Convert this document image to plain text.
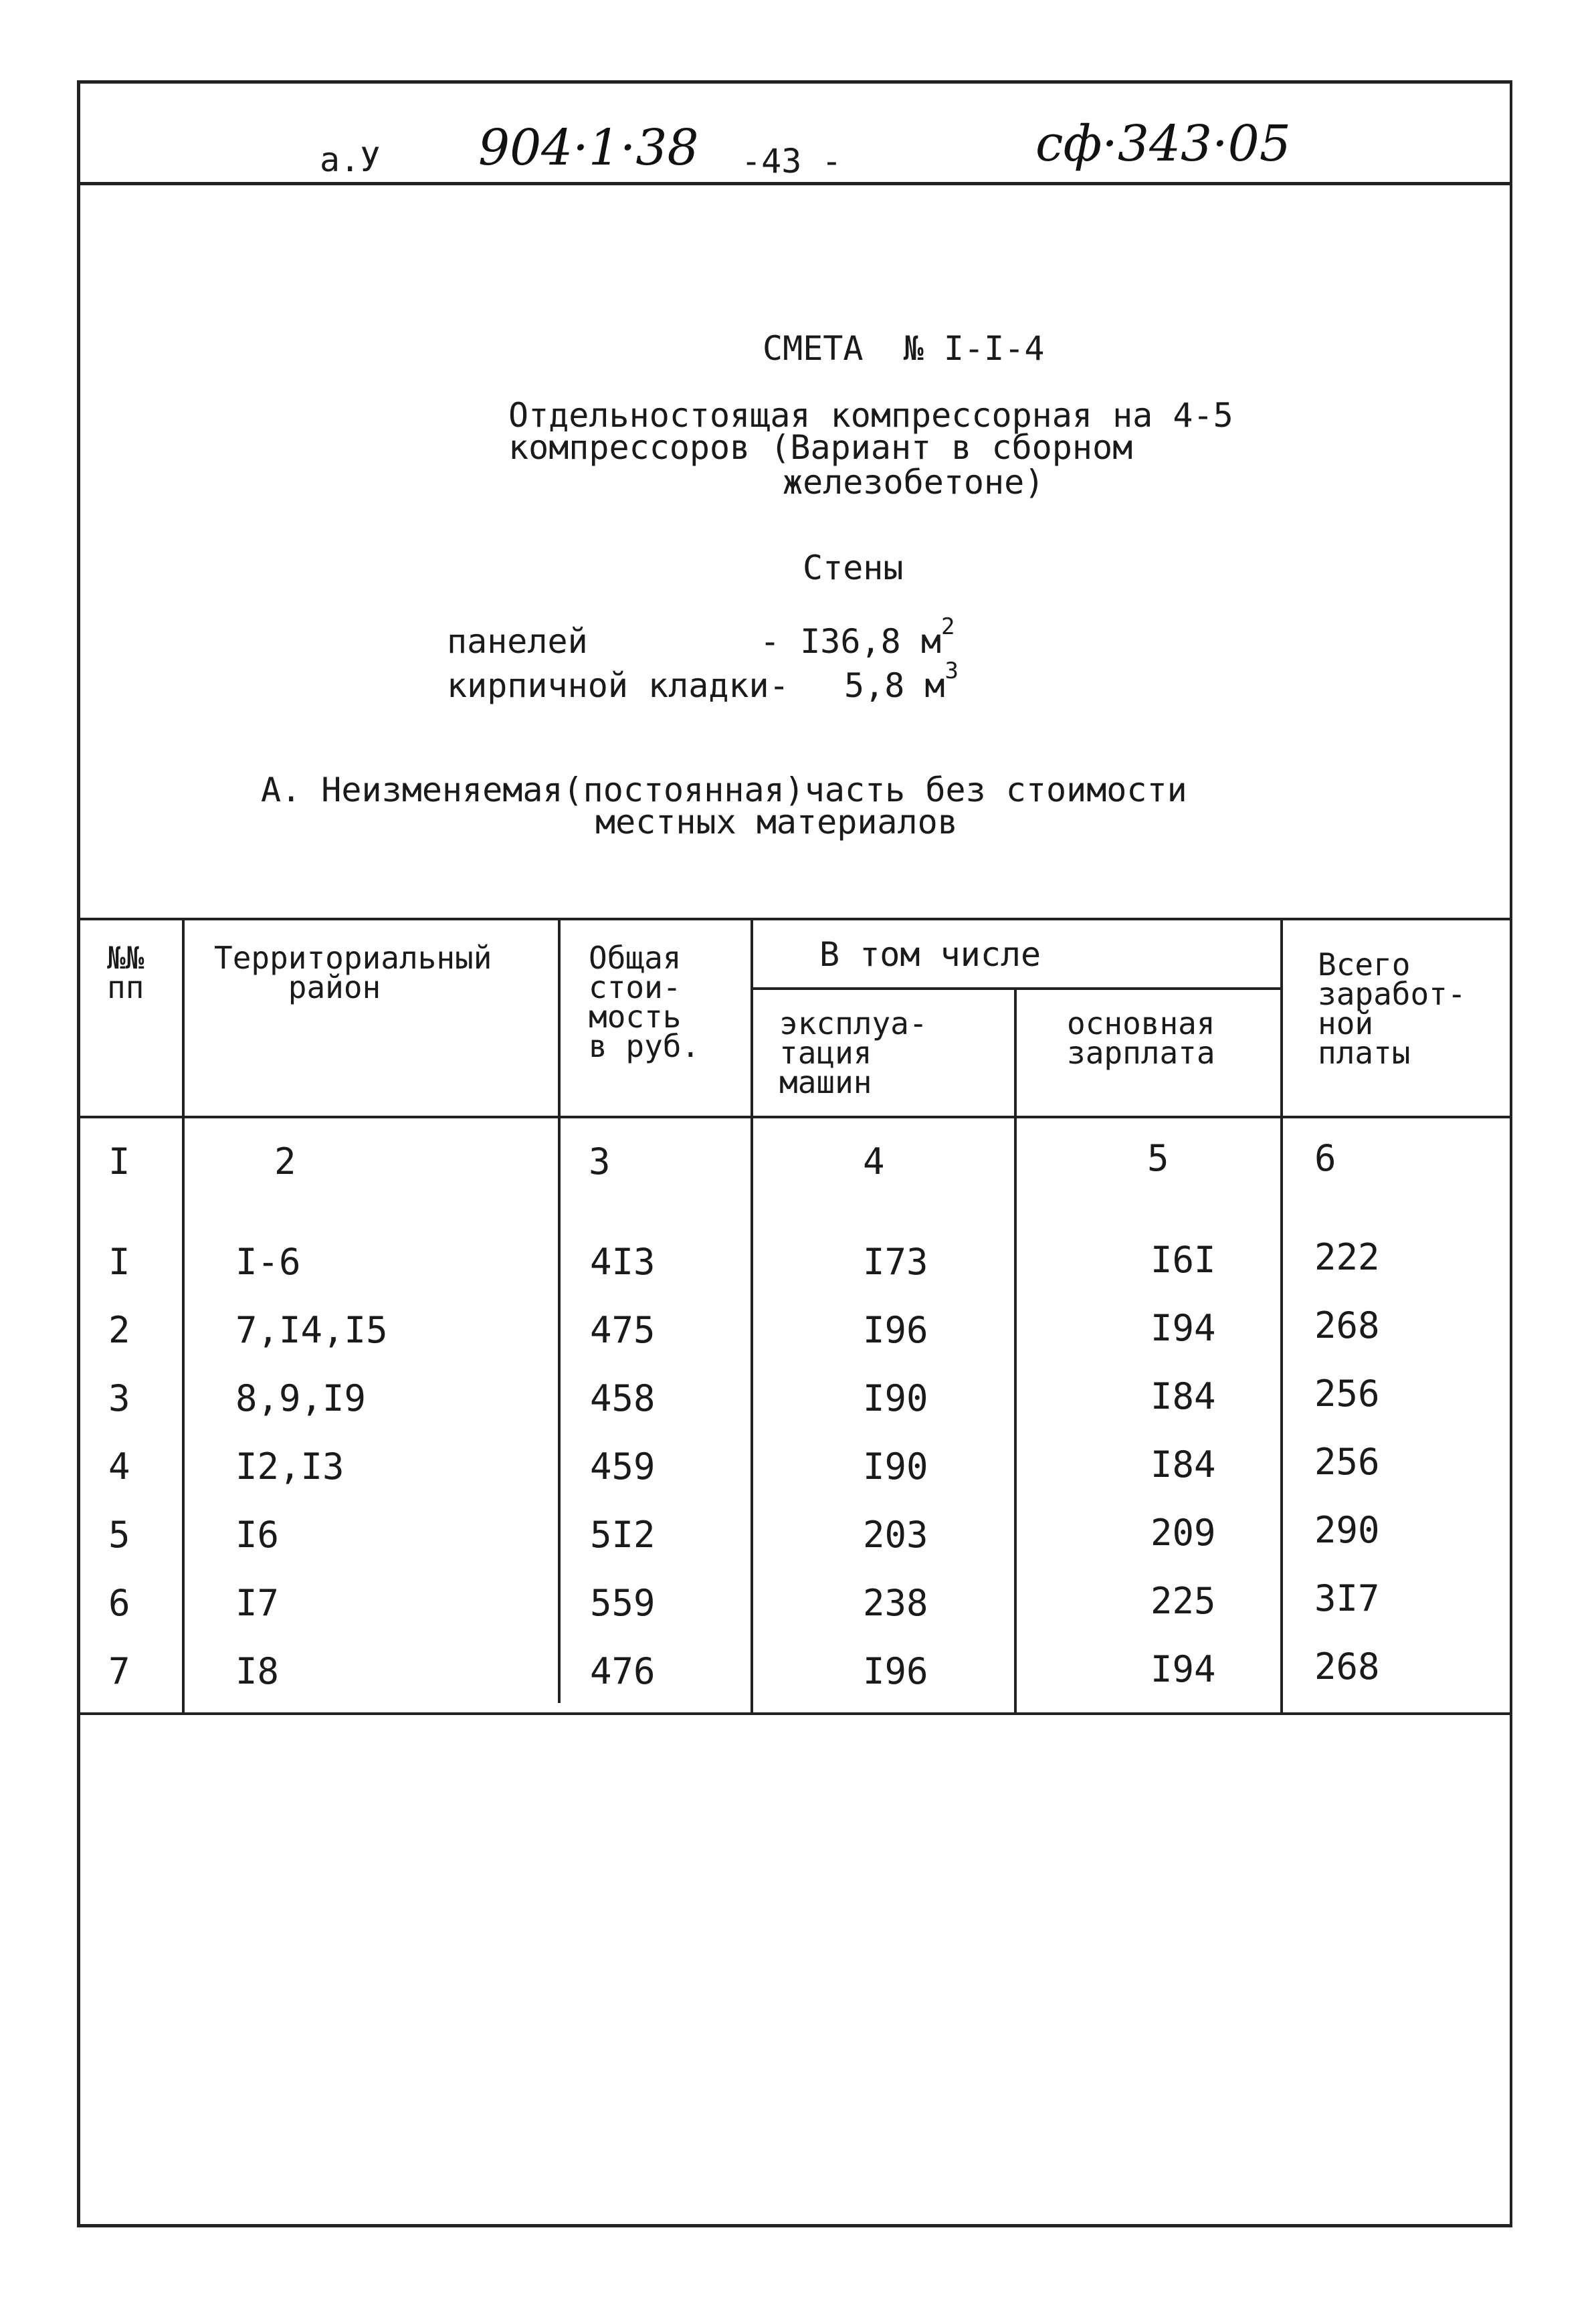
а.У 904·1·38 -43 -	сф·343·05
СМЕТА  № I-I-4
Отдельностоящая компрессорная на 4-5
компрессоров (Вариант в сборном
железобетоне)
Стены
панелей	- I36,8 $м^2$
кирпичной кладки- 5,8 $м^3$
А. Неизменяемая(постоянная)часть без стоимости
местных материалов
№№
пп
Территориальный
район
Общая
стои-
мость
в руб.
В том числе
эксплуа-
тация
машин
основная
зарплата
Всего
заработ-
ной
платы
I	2	3	4	5	6
I	I-6	4I3	I73	I6I	222
2	7,I4,I5	475	I96	I94	268
3	8,9,I9	458	I90	I84	256
4	I2,I3	459	I90	I84	256
5	I6	5I2	203	209	290
6	I7	559	238	225	3I7
7	I8	476	I96	I94	268
